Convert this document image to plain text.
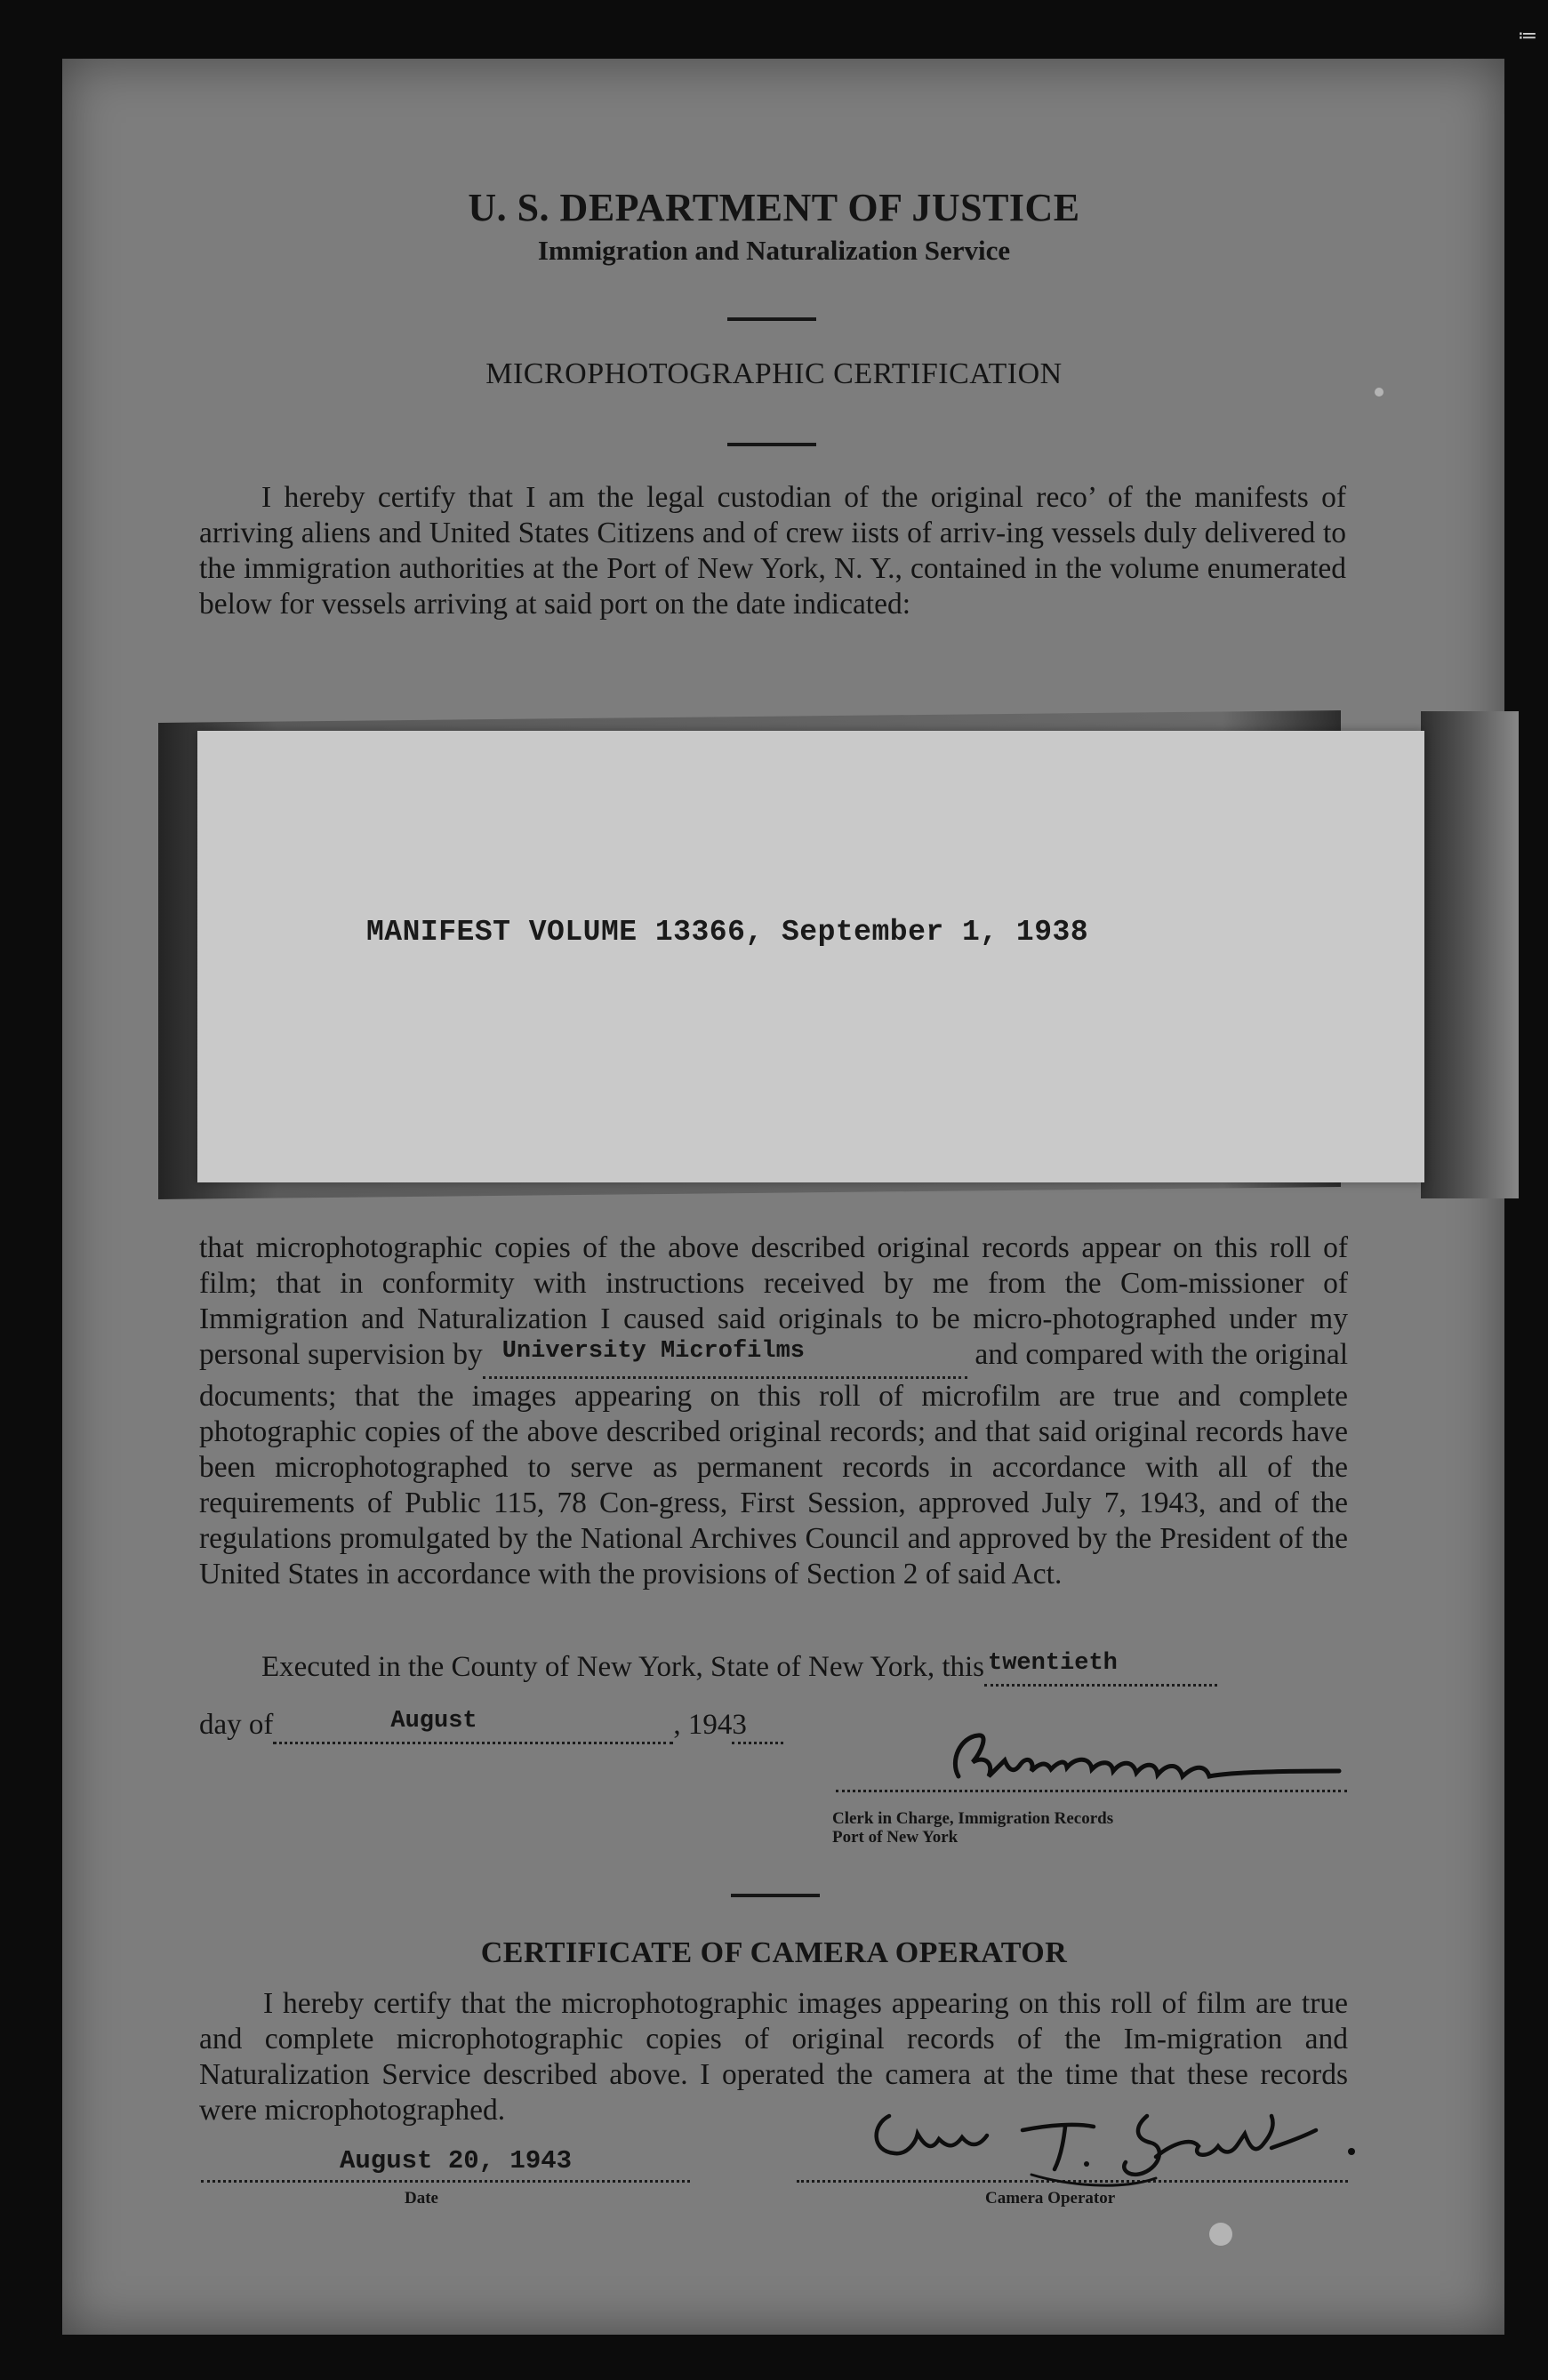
≔
U. S. DEPARTMENT OF JUSTICE
Immigration and Naturalization Service
MICROPHOTOGRAPHIC CERTIFICATION
I hereby certify that I am the legal custodian of the original reco’ of the manifests of arriving aliens and United States Citizens and of crew iists of arriv-ing vessels duly delivered to the immigration authorities at the Port of New York, N. Y., contained in the volume enumerated below for vessels arriving at said port on the date indicated:
MANIFEST VOLUME 13366, September 1, 1938
that microphotographic copies of the above described original records appear on this roll of film; that in conformity with instructions received by me from the Com-missioner of Immigration and Naturalization I caused said originals to be micro-photographed under my personal supervision by $^{University Microfilms}$	and compared with the original documents; that the images appearing on this roll of microfilm are true and complete photographic copies of the above described original records; and that said original records have been microphotographed to serve as permanent records in accordance with all of the requirements of Public 115, 78 Con-gress, First Session, approved July 7, 1943, and of the regulations promulgated by the National Archives Council and approved by the President of the United States in accordance with the provisions of Section 2 of said Act.
Executed in the County of New York, State of New York, this $^{twentieth}$
day of	$^{August}$	, 1943
Clerk in Charge, Immigration Records
Port of New York
CERTIFICATE OF CAMERA OPERATOR
I hereby certify that the microphotographic images appearing on this roll of film are true and complete microphotographic copies of original records of the Im-migration and Naturalization Service described above. I operated the camera at the time that these records were microphotographed.
August 20, 1943
Date	Camera Operator
